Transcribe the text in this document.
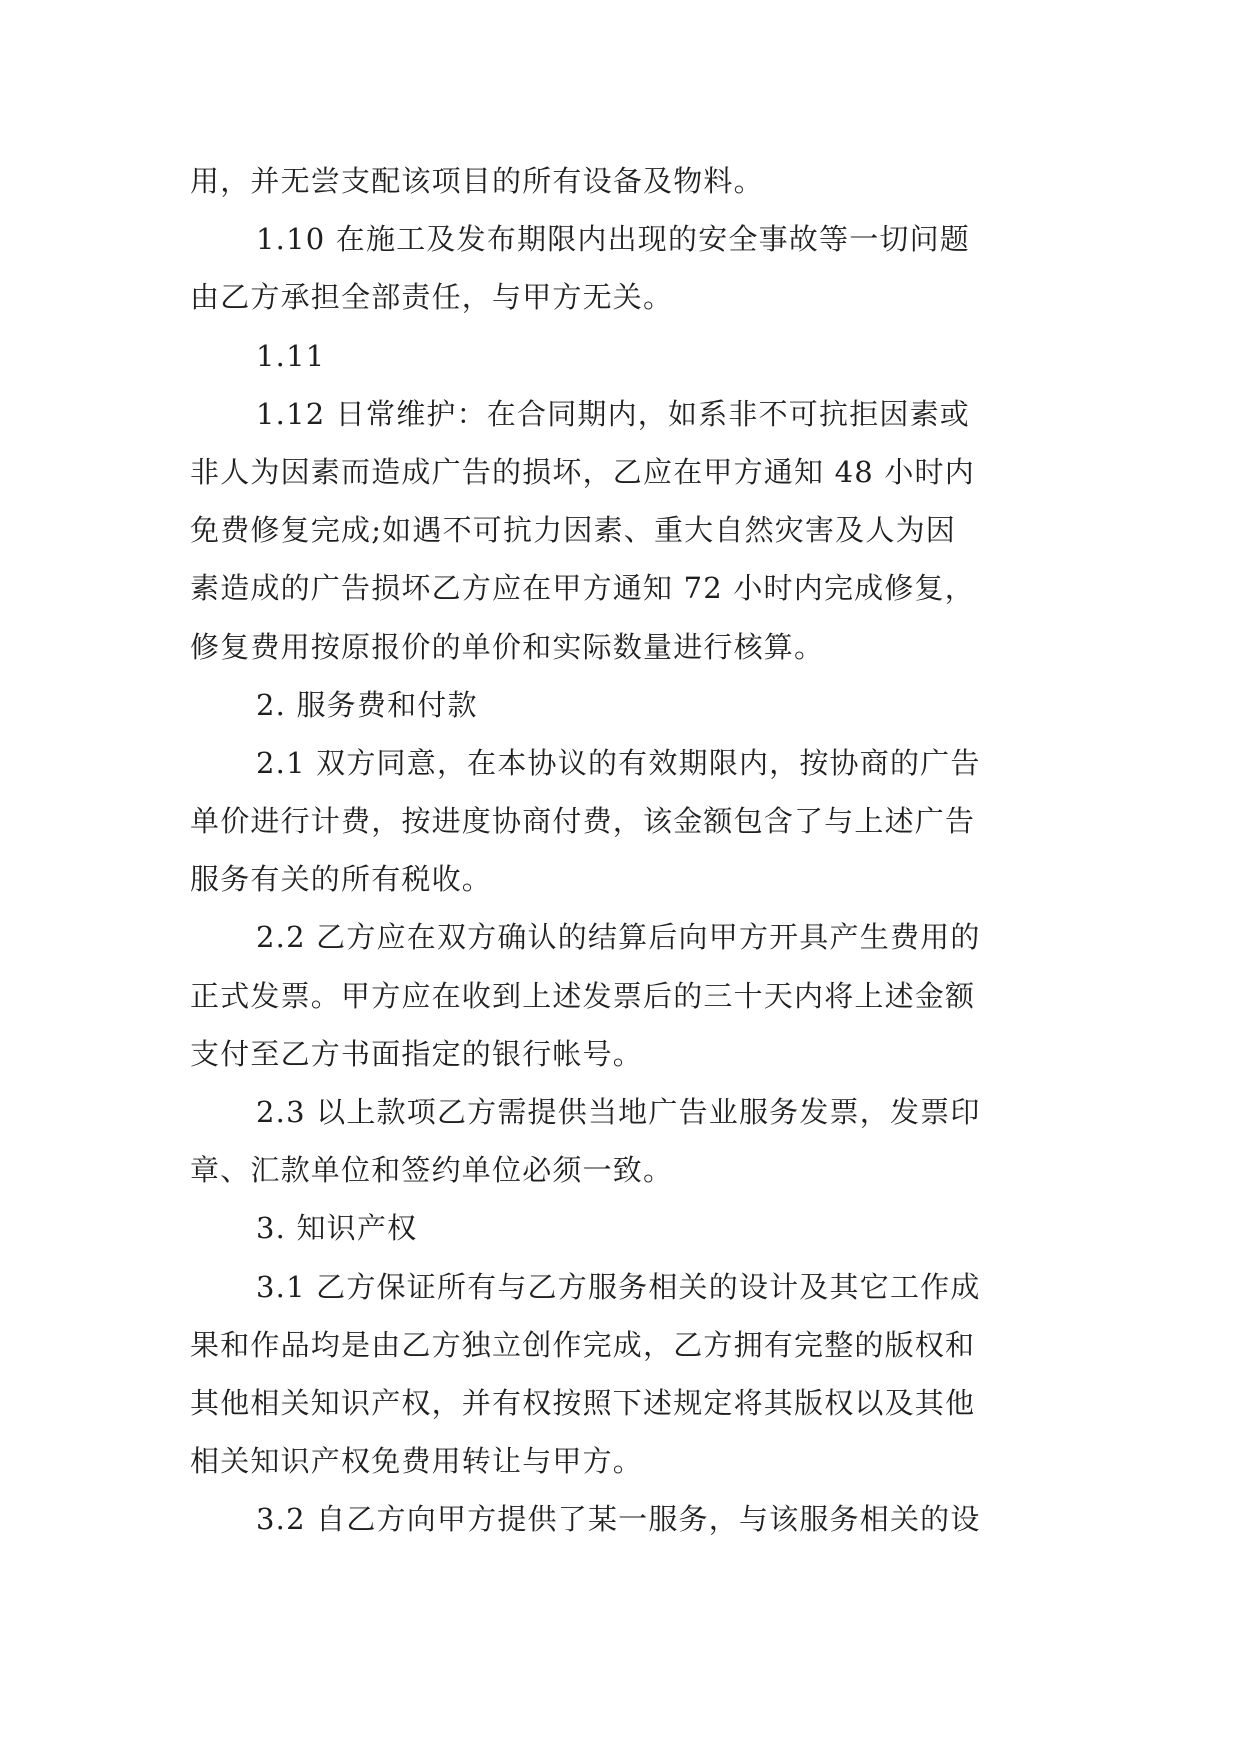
用，并无尝支配该项目的所有设备及物料。
1.10 在施工及发布期限内出现的安全事故等一切问题
由乙方承担全部责任，与甲方无关。
1.11
1.12 日常维护：在合同期内，如系非不可抗拒因素或
非人为因素而造成广告的损坏，乙应在甲方通知 48 小时内
免费修复完成;如遇不可抗力因素、重大自然灾害及人为因
素造成的广告损坏乙方应在甲方通知 72 小时内完成修复，
修复费用按原报价的单价和实际数量进行核算。
2. 服务费和付款
2.1 双方同意，在本协议的有效期限内，按协商的广告
单价进行计费，按进度协商付费，该金额包含了与上述广告
服务有关的所有税收。
2.2 乙方应在双方确认的结算后向甲方开具产生费用的
正式发票。甲方应在收到上述发票后的三十天内将上述金额
支付至乙方书面指定的银行帐号。
2.3 以上款项乙方需提供当地广告业服务发票，发票印
章、汇款单位和签约单位必须一致。
3. 知识产权
3.1 乙方保证所有与乙方服务相关的设计及其它工作成
果和作品均是由乙方独立创作完成，乙方拥有完整的版权和
其他相关知识产权，并有权按照下述规定将其版权以及其他
相关知识产权免费用转让与甲方。
3.2 自乙方向甲方提供了某一服务，与该服务相关的设
